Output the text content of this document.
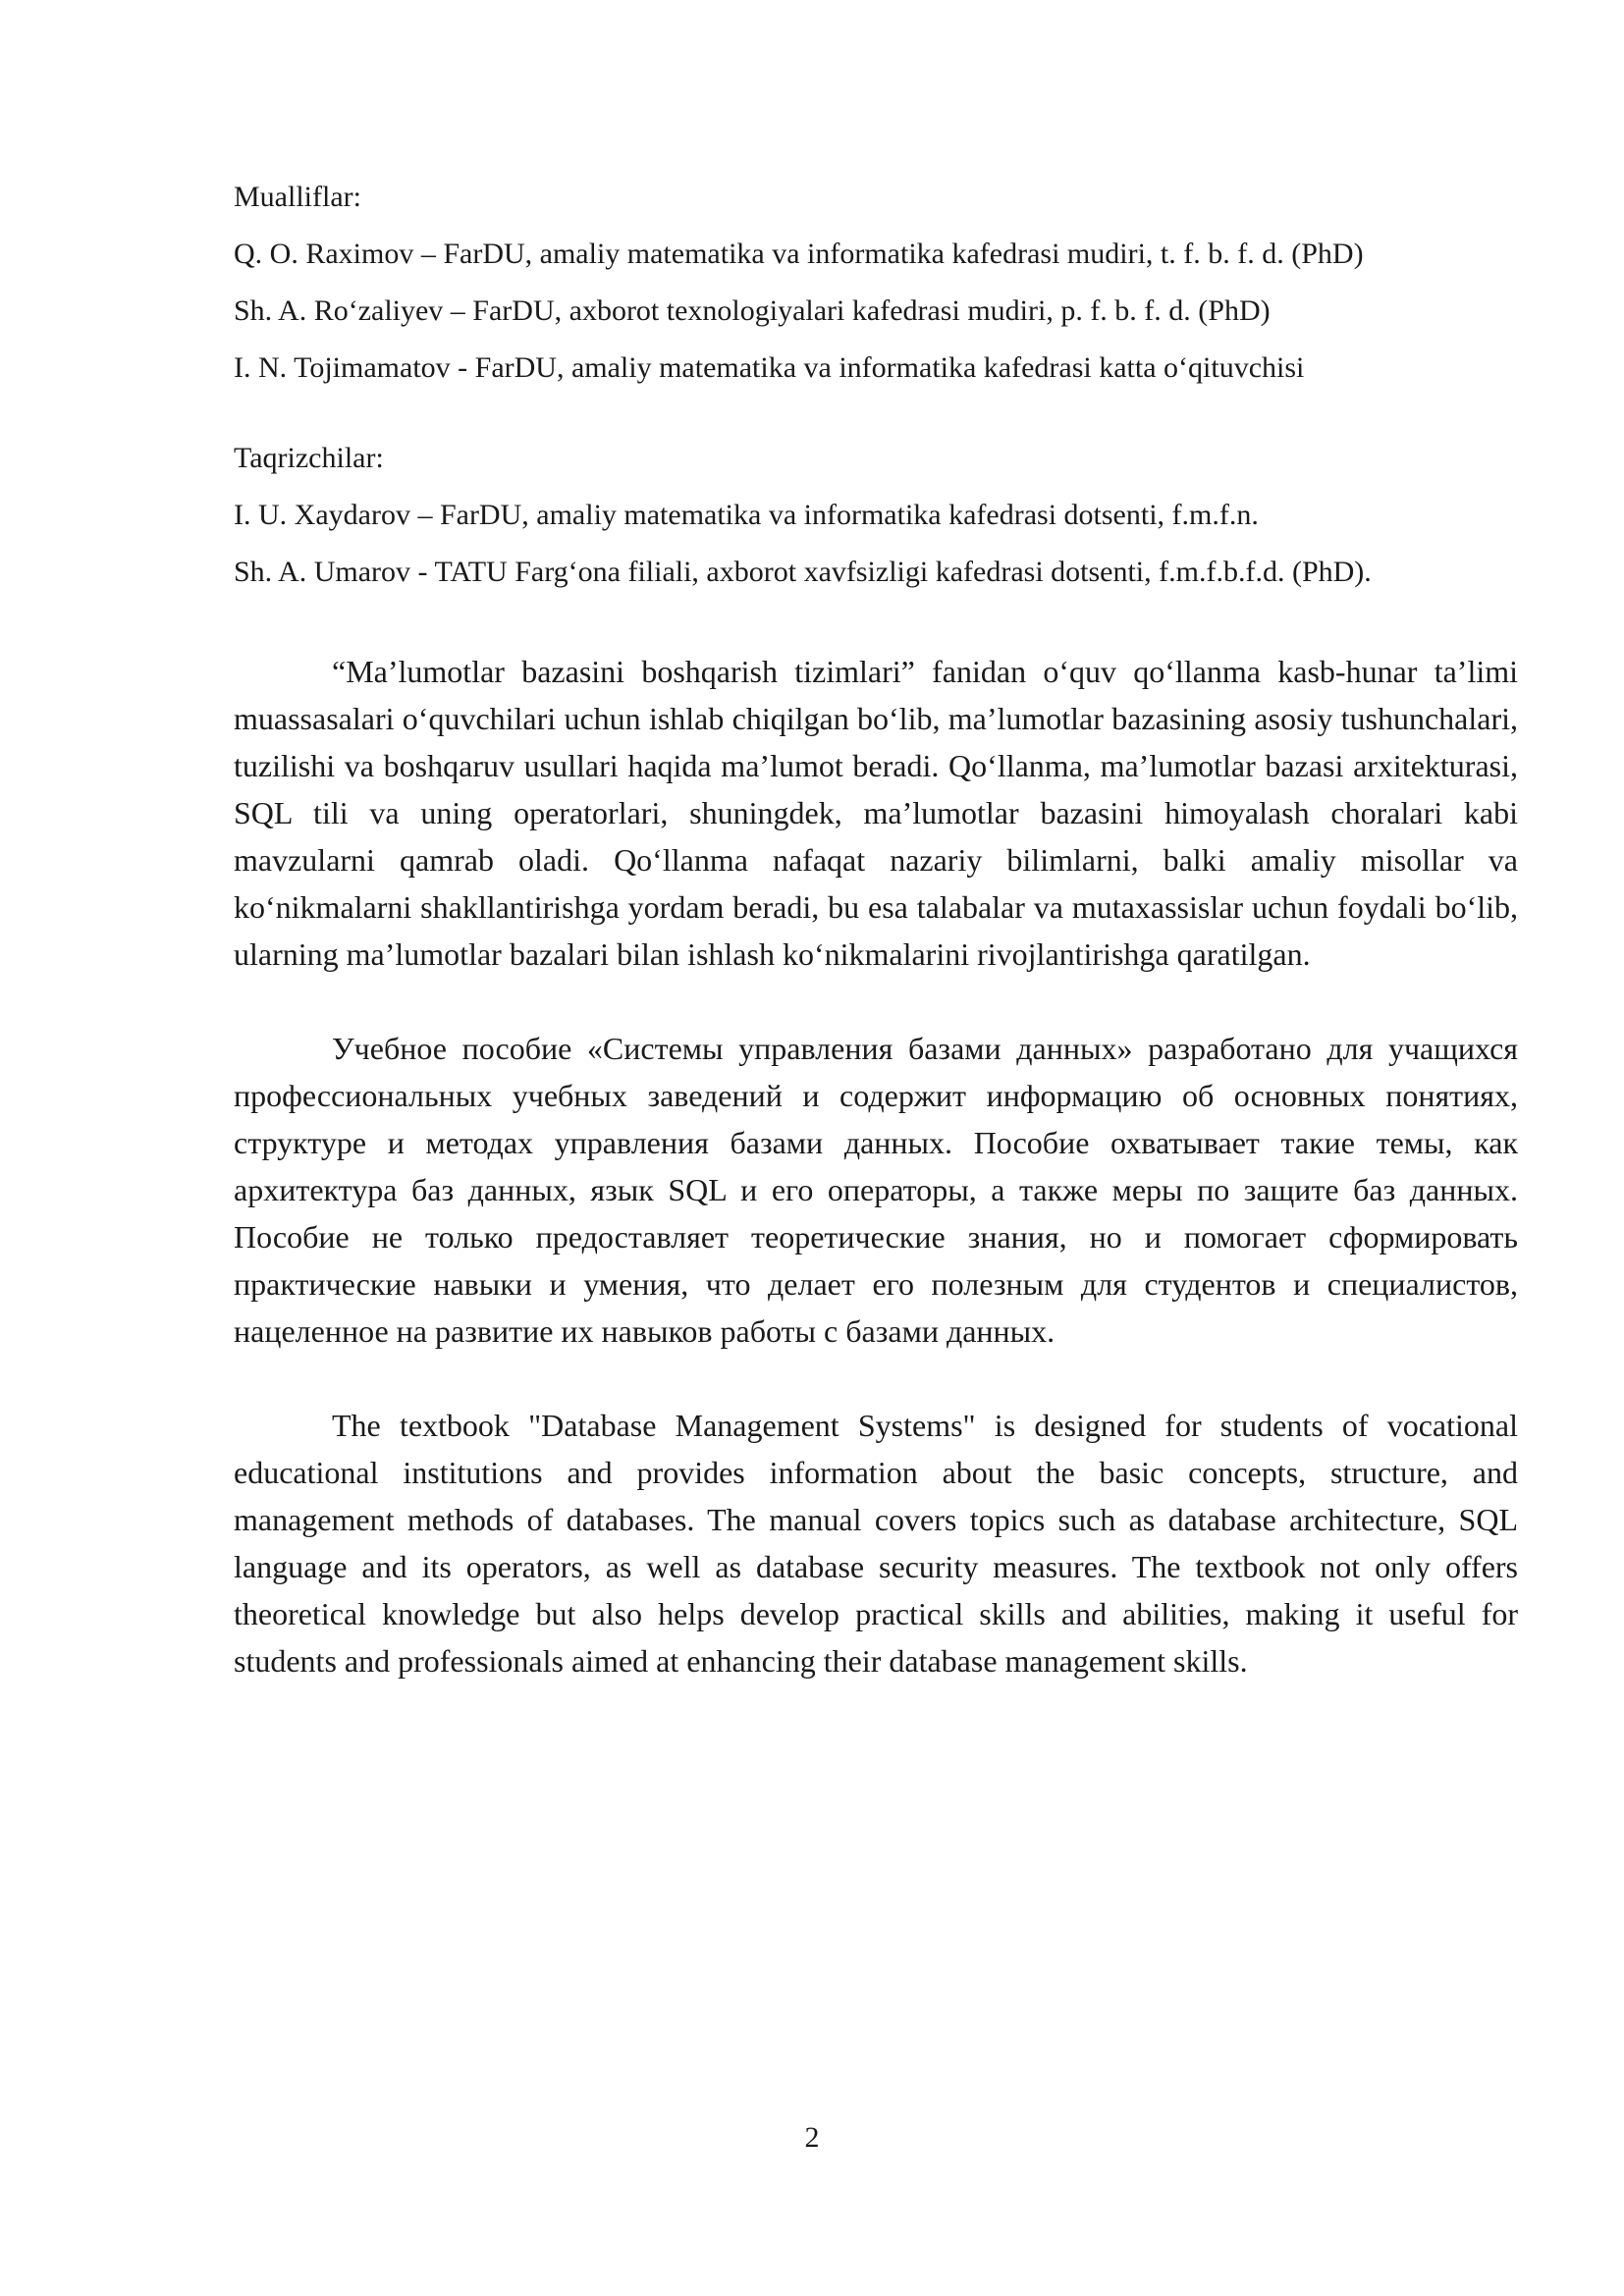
Mualliflar:

Q. O. Raximov – FarDU, amaliy matematika va informatika kafedrasi mudiri, t. f. b. f. d. (PhD)

Sh. A. Ro‘zaliyev – FarDU, axborot texnologiyalari kafedrasi mudiri, p. f. b. f. d. (PhD)

I. N. Tojimamatov - FarDU, amaliy matematika va informatika kafedrasi katta o‘qituvchisi

Taqrizchilar:

I. U. Xaydarov – FarDU, amaliy matematika va informatika kafedrasi dotsenti, f.m.f.n.

Sh. A. Umarov - TATU Farg‘ona filiali, axborot xavfsizligi kafedrasi dotsenti, f.m.f.b.f.d. (PhD).

“Ma’lumotlar bazasini boshqarish tizimlari” fanidan o‘quv qo‘llanma kasb-hunar ta’limi muassasalari o‘quvchilari uchun ishlab chiqilgan bo‘lib, ma’lumotlar bazasining asosiy tushunchalari, tuzilishi va boshqaruv usullari haqida ma’lumot beradi. Qo‘llanma, ma’lumotlar bazasi arxitekturasi, SQL tili va uning operatorlari, shuningdek, ma’lumotlar bazasini himoyalash choralari kabi mavzularni qamrab oladi. Qo‘llanma nafaqat nazariy bilimlarni, balki amaliy misollar va ko‘nikmalarni shakllantirishga yordam beradi, bu esa talabalar va mutaxassislar uchun foydali bo‘lib, ularning ma’lumotlar bazalari bilan ishlash ko‘nikmalarini rivojlantirishga qaratilgan.

Учебное пособие «Системы управления базами данных» разработано для учащихся профессиональных учебных заведений и содержит информацию об основных понятиях, структуре и методах управления базами данных. Пособие охватывает такие темы, как архитектура баз данных, язык SQL и его операторы, а также меры по защите баз данных. Пособие не только предоставляет теоретические знания, но и помогает сформировать практические навыки и умения, что делает его полезным для студентов и специалистов, нацеленное на развитие их навыков работы с базами данных.

The textbook "Database Management Systems" is designed for students of vocational educational institutions and provides information about the basic concepts, structure, and management methods of databases. The manual covers topics such as database architecture, SQL language and its operators, as well as database security measures. The textbook not only offers theoretical knowledge but also helps develop practical skills and abilities, making it useful for students and professionals aimed at enhancing their database management skills.

2
